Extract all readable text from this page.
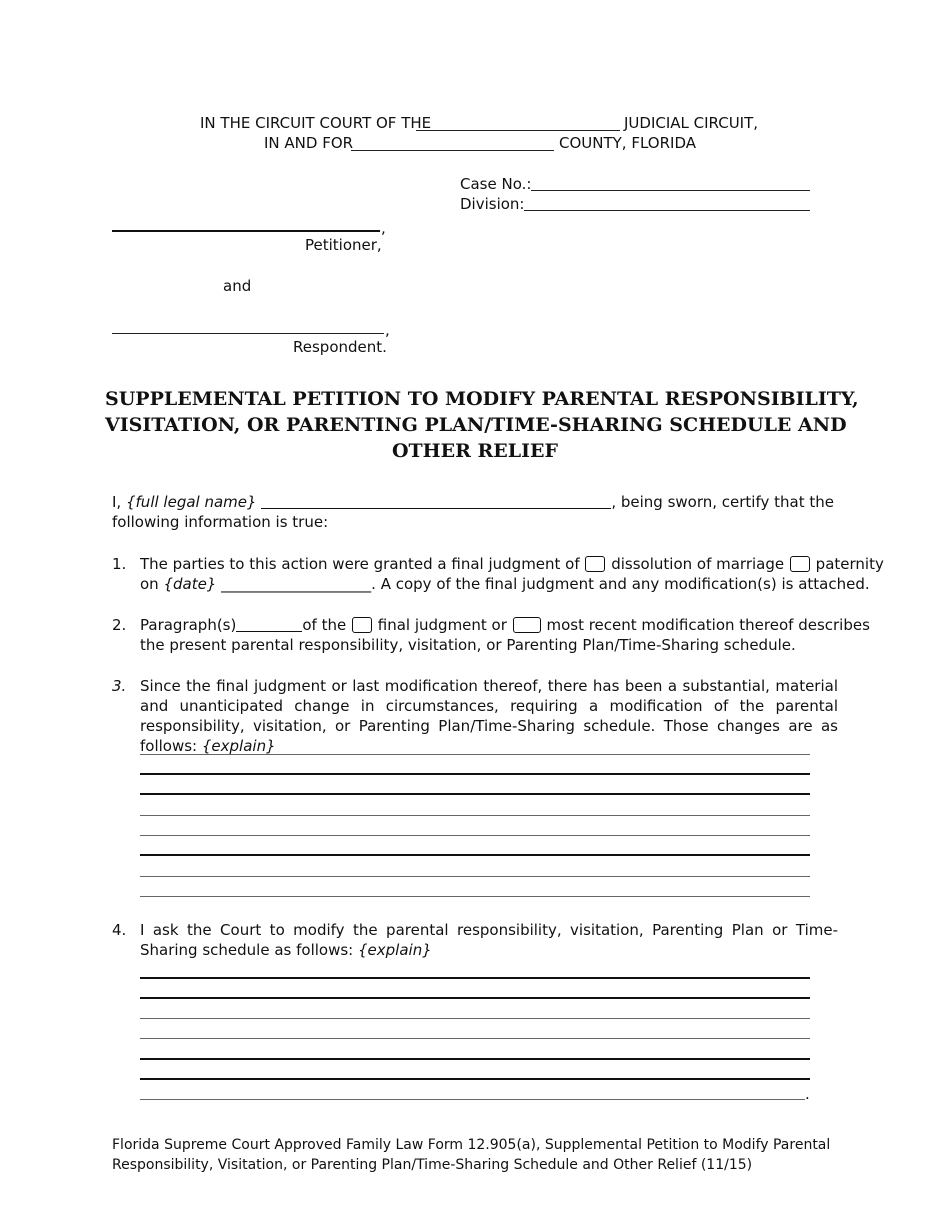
IN THE CIRCUIT COURT OF THE	JUDICIAL CIRCUIT,
IN AND FOR	COUNTY, FLORIDA
Case No.:
Division:
,
Petitioner,
and
,
Respondent.
SUPPLEMENTAL PETITION TO MODIFY PARENTAL RESPONSIBILITY,
VISITATION, OR PARENTING PLAN/TIME-SHARING SCHEDULE AND
OTHER RELIEF
I, {full legal name}	, being sworn, certify that the
following information is true:
1. The parties to this action were granted a final judgment of dissolution of marriage paternity
on {date} ____________________. A copy of the final judgment and any modification(s) is attached.
2. Paragraph(s)	of the final judgment or	most recent modification thereof describes
the present parental responsibility, visitation, or Parenting Plan/Time-Sharing schedule.
3. Since the final judgment or last modification thereof, there has been a substantial, material and unanticipated change in circumstances, requiring a modification of the parental responsibility, visitation, or Parenting Plan/Time-Sharing schedule. Those changes are as follows: {explain}
4. I ask the Court to modify the parental responsibility, visitation, Parenting Plan or Time-Sharing schedule as follows: {explain}
.
Florida Supreme Court Approved Family Law Form 12.905(a), Supplemental Petition to Modify Parental
Responsibility, Visitation, or Parenting Plan/Time-Sharing Schedule and Other Relief (11/15)
